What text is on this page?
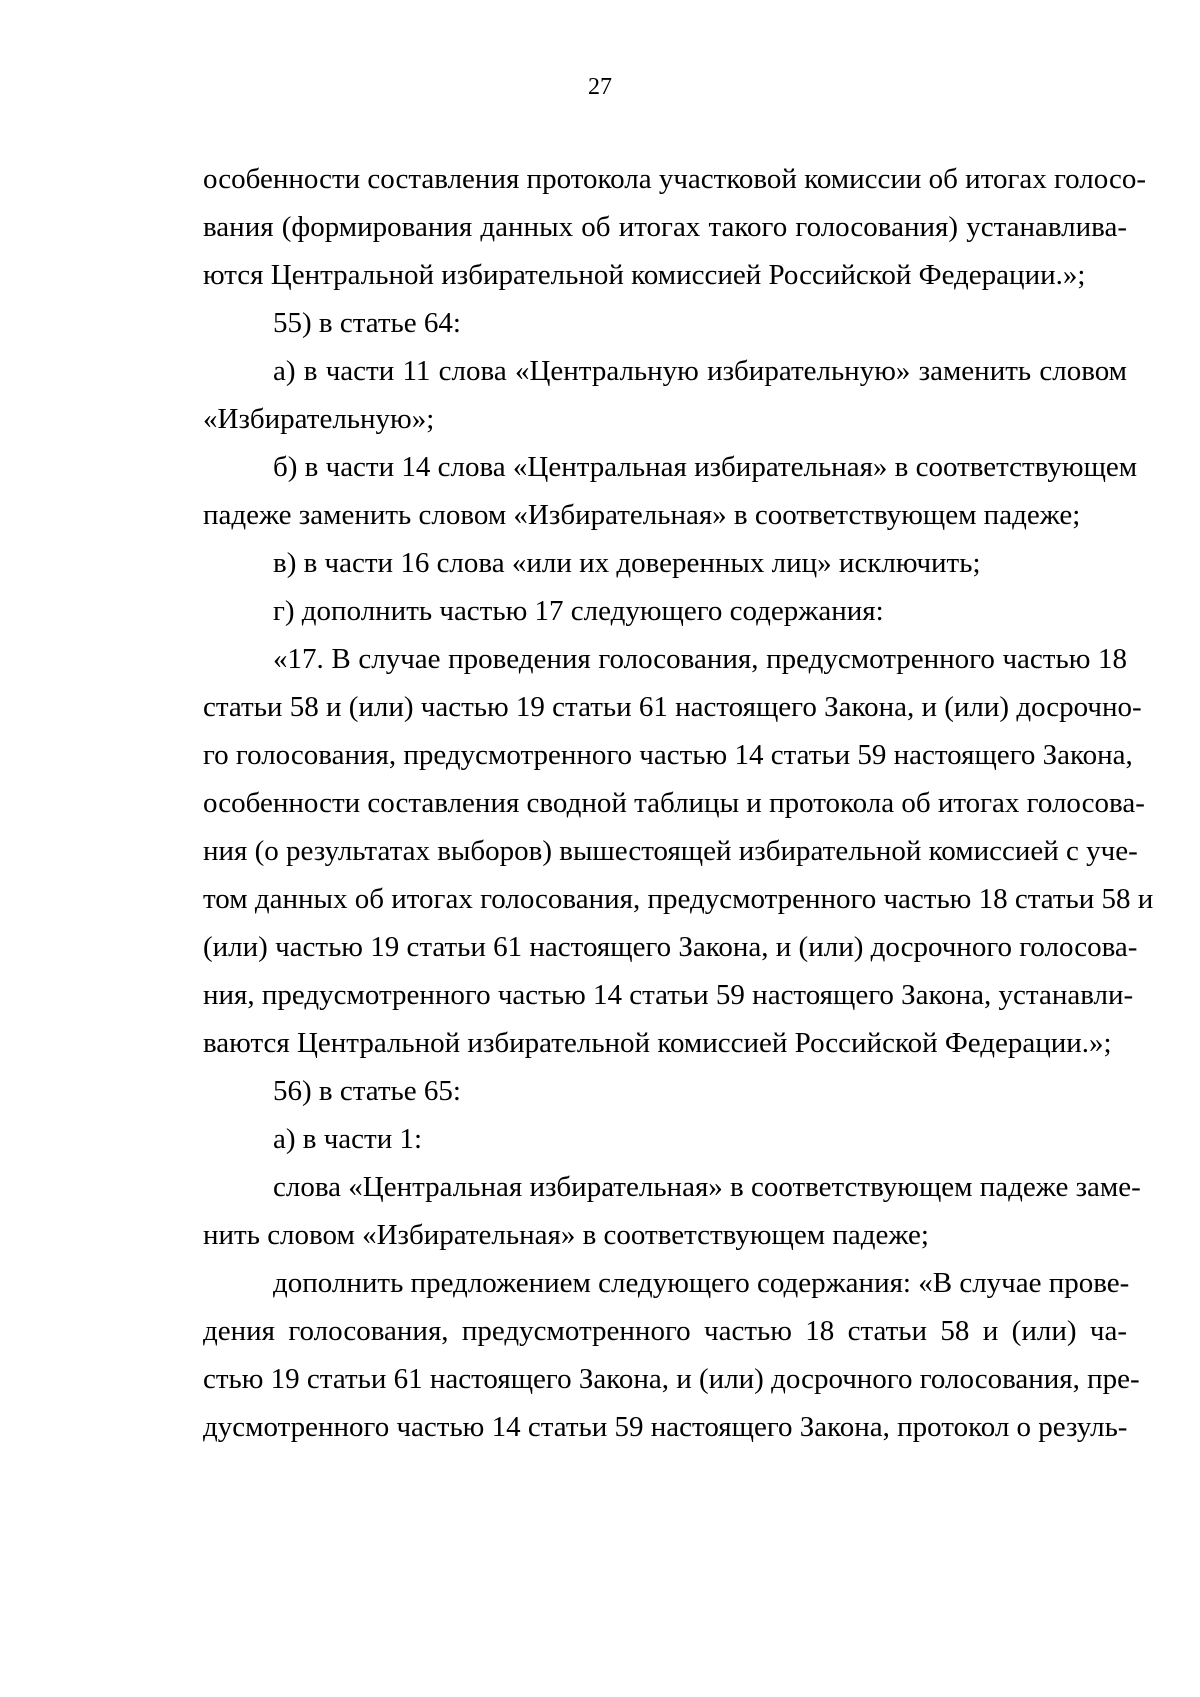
27

особенности составления протокола участковой комиссии об итогах голосо-

вания (формирования данных об итогах такого голосования) устанавлива-

ются Центральной избирательной комиссией Российской Федерации.»;

55) в статье 64:

а) в части 11 слова «Центральную избирательную» заменить словом

«Избирательную»;

б) в части 14 слова «Центральная избирательная» в соответствующем

падеже заменить словом «Избирательная» в соответствующем падеже;

в) в части 16 слова «или их доверенных лиц» исключить;

г) дополнить частью 17 следующего содержания:

«17. В случае проведения голосования, предусмотренного частью 18

статьи 58 и (или) частью 19 статьи 61 настоящего Закона, и (или) досрочно-

го голосования, предусмотренного частью 14 статьи 59 настоящего Закона,

особенности составления сводной таблицы и протокола об итогах голосова-

ния (о результатах выборов) вышестоящей избирательной комиссией с уче-

том данных об итогах голосования, предусмотренного частью 18 статьи 58 и

(или) частью 19 статьи 61 настоящего Закона, и (или) досрочного голосова-

ния, предусмотренного частью 14 статьи 59 настоящего Закона, устанавли-

ваются Центральной избирательной комиссией Российской Федерации.»;

56) в статье 65:

а) в части 1:

слова «Центральная избирательная» в соответствующем падеже заме-

нить словом «Избирательная» в соответствующем падеже;

дополнить предложением следующего содержания: «В случае прове-

дения голосования, предусмотренного частью 18 статьи 58 и (или) ча-

стью 19 статьи 61 настоящего Закона, и (или) досрочного голосования, пре-

дусмотренного частью 14 статьи 59 настоящего Закона, протокол о резуль-
